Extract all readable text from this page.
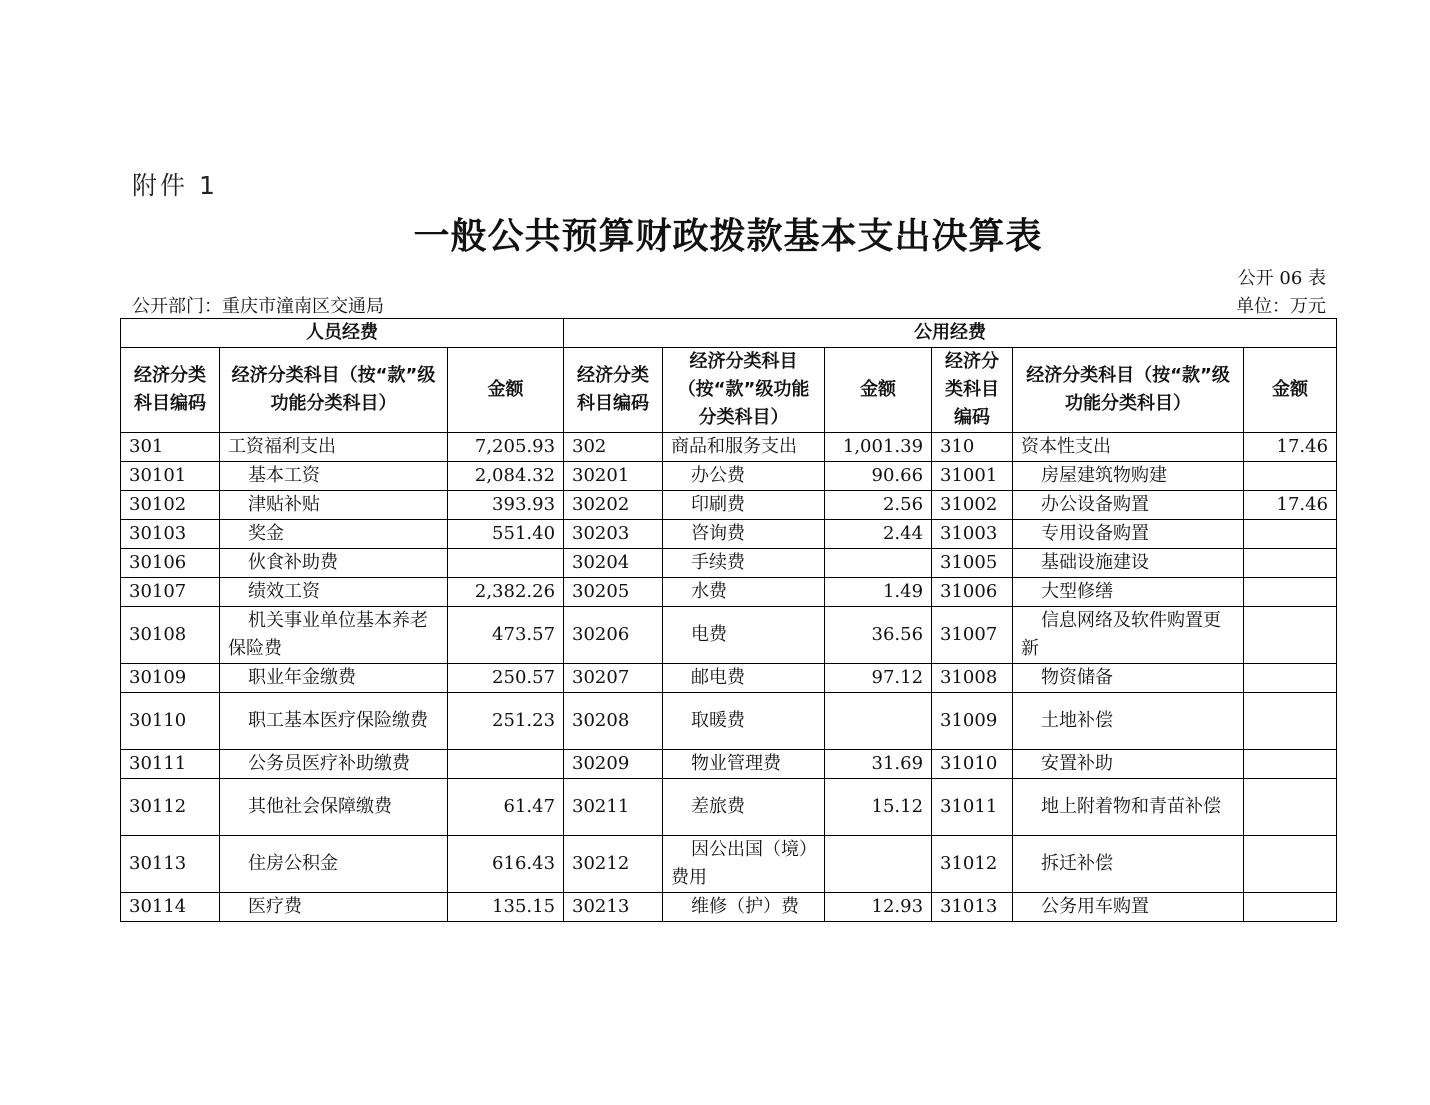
附件 1
一般公共预算财政拨款基本支出决算表
公开 06 表
公开部门：重庆市潼南区交通局	单位：万元
人员经费			公用经费					
经济分类科目编码	经济分类科目（按“款”级功能分类科目）	金额	经济分类科目编码	经济分类科目（按“款”级功能分类科目）	金额	经济分类科目编码	经济分类科目（按“款”级功能分类科目）	金额
301	工资福利支出	7,205.93	302	商品和服务支出	1,001.39	310	资本性支出	17.46
30101	基本工资	2,084.32	30201	办公费	90.66	31001	房屋建筑物购建	
30102	津贴补贴	393.93	30202	印刷费	2.56	31002	办公设备购置	17.46
30103	奖金	551.40	30203	咨询费	2.44	31003	专用设备购置	
30106	伙食补助费		30204	手续费		31005	基础设施建设	
30107	绩效工资	2,382.26	30205	水费	1.49	31006	大型修缮	
30108	机关事业单位基本养老保险费	473.57	30206	电费	36.56	31007	信息网络及软件购置更新	
30109	职业年金缴费	250.57	30207	邮电费	97.12	31008	物资储备	
30110	职工基本医疗保险缴费	251.23	30208	取暖费		31009	土地补偿	
30111	公务员医疗补助缴费		30209	物业管理费	31.69	31010	安置补助	
30112	其他社会保障缴费	61.47	30211	差旅费	15.12	31011	地上附着物和青苗补偿	
30113	住房公积金	616.43	30212	因公出国（境）费用		31012	拆迁补偿	
30114	医疗费	135.15	30213	维修（护）费	12.93	31013	公务用车购置	
